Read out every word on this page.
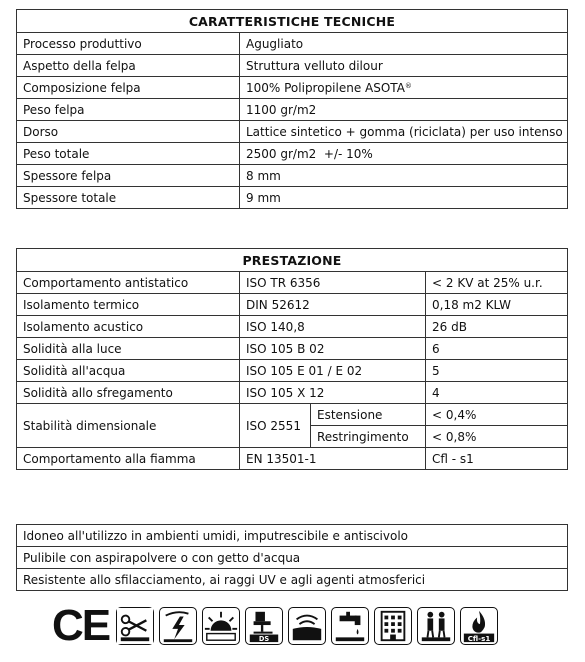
CARATTERISTICHE TECNICHE	
Processo produttivo	Agugliato
Aspetto della felpa	Struttura velluto dilour
Composizione felpa	100% Polipropilene ASOTA®
Peso felpa	1100 gr/m2
Dorso	Lattice sintetico + gomma (riciclata) per uso intenso
Peso totale	2500 gr/m2  +/- 10%
Spessore felpa	8 mm
Spessore totale	9 mm
PRESTAZIONE			
Comportamento antistatico	ISO TR 6356		< 2 KV at 25% u.r.
Isolamento termico	DIN 52612		0,18 m2 KLW
Isolamento acustico	ISO 140,8		26 dB
Solidità alla luce	ISO 105 B 02		6
Solidità all'acqua	ISO 105 E 01 / E 02		5
Solidità allo sfregamento	ISO 105 X 12		4
Stabilità dimensionale	ISO 2551	Estensione	< 0,4%
		Restringimento	< 0,8%
Comportamento alla fiamma	EN 13501-1		Cfl - s1
Idoneo all'utilizzo in ambienti umidi, imputrescibile e antiscivolo
Pulibile con aspirapolvere o con getto d'acqua
Resistente allo sfilacciamento, ai raggi UV e agli agenti atmosferici
CE	DS	Cfl-s1
